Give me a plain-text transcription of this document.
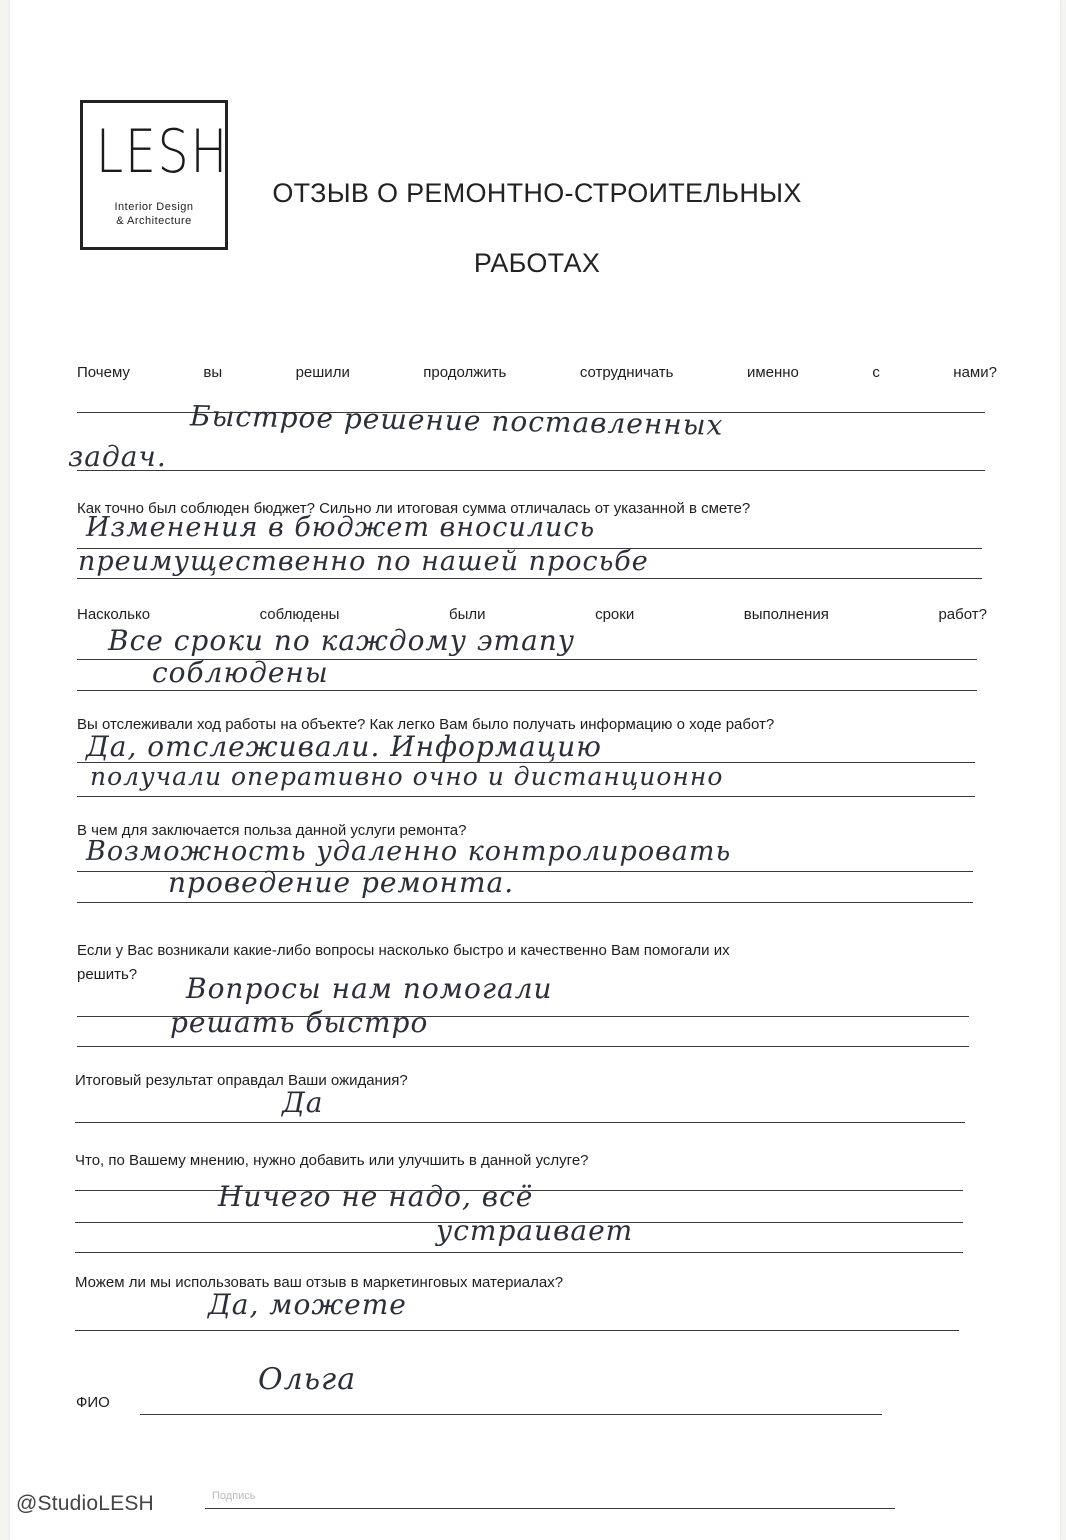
LESH
Interior Design
& Architecture
ОТЗЫВ О РЕМОНТНО-СТРОИТЕЛЬНЫХ
РАБОТАХ
Почему	вы	решили	продолжить	сотрудничать	именно	с	нами?
Быстрое решение поставленных
задач.
Как точно был соблюден бюджет? Сильно ли итоговая сумма отличалась от указанной в смете?
Изменения в бюджет вносились
преимущественно по нашей просьбе
Насколько	соблюдены	были	сроки	выполнения	работ?
Все сроки по каждому этапу
соблюдены
Вы отслеживали ход работы на объекте? Как легко Вам было получать информацию о ходе работ?
Да, отслеживали. Информацию
получали оперативно очно и дистанционно
В чем для заключается польза данной услуги ремонта?
Возможность удаленно контролировать
проведение ремонта.
Если у Вас возникали какие-либо вопросы насколько быстро и качественно Вам помогали их
решить? Вопросы нам помогали
решать быстро
Итоговый результат оправдал Ваши ожидания?
Да
Что, по Вашему мнению, нужно добавить или улучшить в данной услуге?
Ничего не надо, всё
устраивает
Можем ли мы использовать ваш отзыв в маркетинговых материалах?
Да, можете
ФИО
Ольга
Подпись
@StudioLESH
